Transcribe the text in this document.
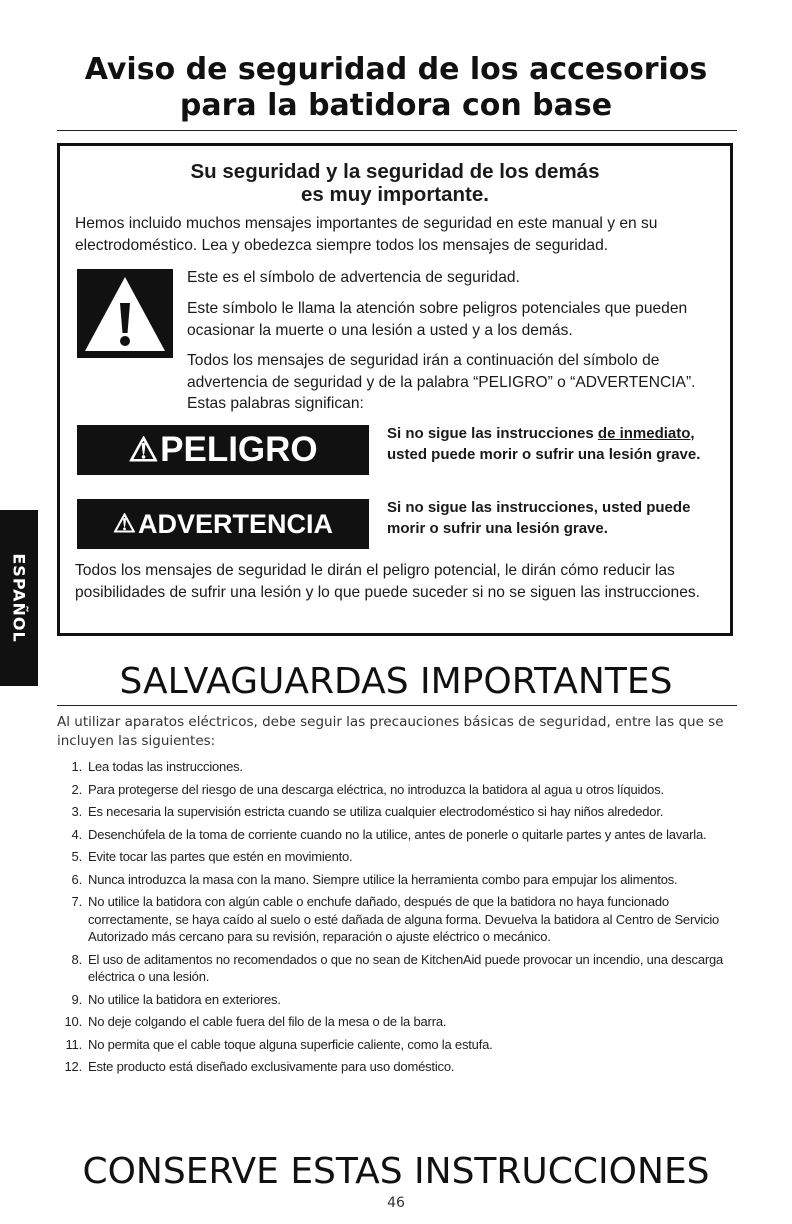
Aviso de seguridad de los accesorios
para la batidora con base
Su seguridad y la seguridad de los demás
es muy importante.
Hemos incluido muchos mensajes importantes de seguridad en este manual y en su electrodoméstico. Lea y obedezca siempre todos los mensajes de seguridad.
Este es el símbolo de advertencia de seguridad.
Este símbolo le llama la atención sobre peligros potenciales que pueden ocasionar la muerte o una lesión a usted y a los demás.
Todos los mensajes de seguridad irán a continuación del símbolo de advertencia de seguridad y de la palabra “PELIGRO” o “ADVERTENCIA”. Estas palabras significan:
⚠ PELIGRO	Si no sigue las instrucciones de inmediato, usted puede morir o sufrir una lesión grave.
⚠ ADVERTENCIA
Si no sigue las instrucciones, usted puede morir o sufrir una lesión grave.
Todos los mensajes de seguridad le dirán el peligro potencial, le dirán cómo reducir las posibilidades de sufrir una lesión y lo que puede suceder si no se siguen las instrucciones.
ESPAÑOL
SALVAGUARDAS IMPORTANTES
Al utilizar aparatos eléctricos, debe seguir las precauciones básicas de seguridad, entre las que se incluyen las siguientes:
1. Lea todas las instrucciones.
2. Para protegerse del riesgo de una descarga eléctrica, no introduzca la batidora al agua u otros líquidos.
3. Es necesaria la supervisión estricta cuando se utiliza cualquier electrodoméstico si hay niños alrededor.
4. Desenchúfela de la toma de corriente cuando no la utilice, antes de ponerle o quitarle partes y antes de lavarla.
5. Evite tocar las partes que estén en movimiento.
6. Nunca introduzca la masa con la mano. Siempre utilice la herramienta combo para empujar los alimentos.
7. No utilice la batidora con algún cable o enchufe dañado, después de que la batidora no haya funcionado correctamente, se haya caído al suelo o esté dañada de alguna forma. Devuelva la batidora al Centro de Servicio Autorizado más cercano para su revisión, reparación o ajuste eléctrico o mecánico.
8. El uso de aditamentos no recomendados o que no sean de KitchenAid puede provocar un incendio, una descarga eléctrica o una lesión.
9. No utilice la batidora en exteriores.
10. No deje colgando el cable fuera del filo de la mesa o de la barra.
11. No permita que el cable toque alguna superficie caliente, como la estufa.
12. Este producto está diseñado exclusivamente para uso doméstico.
CONSERVE ESTAS INSTRUCCIONES
46
